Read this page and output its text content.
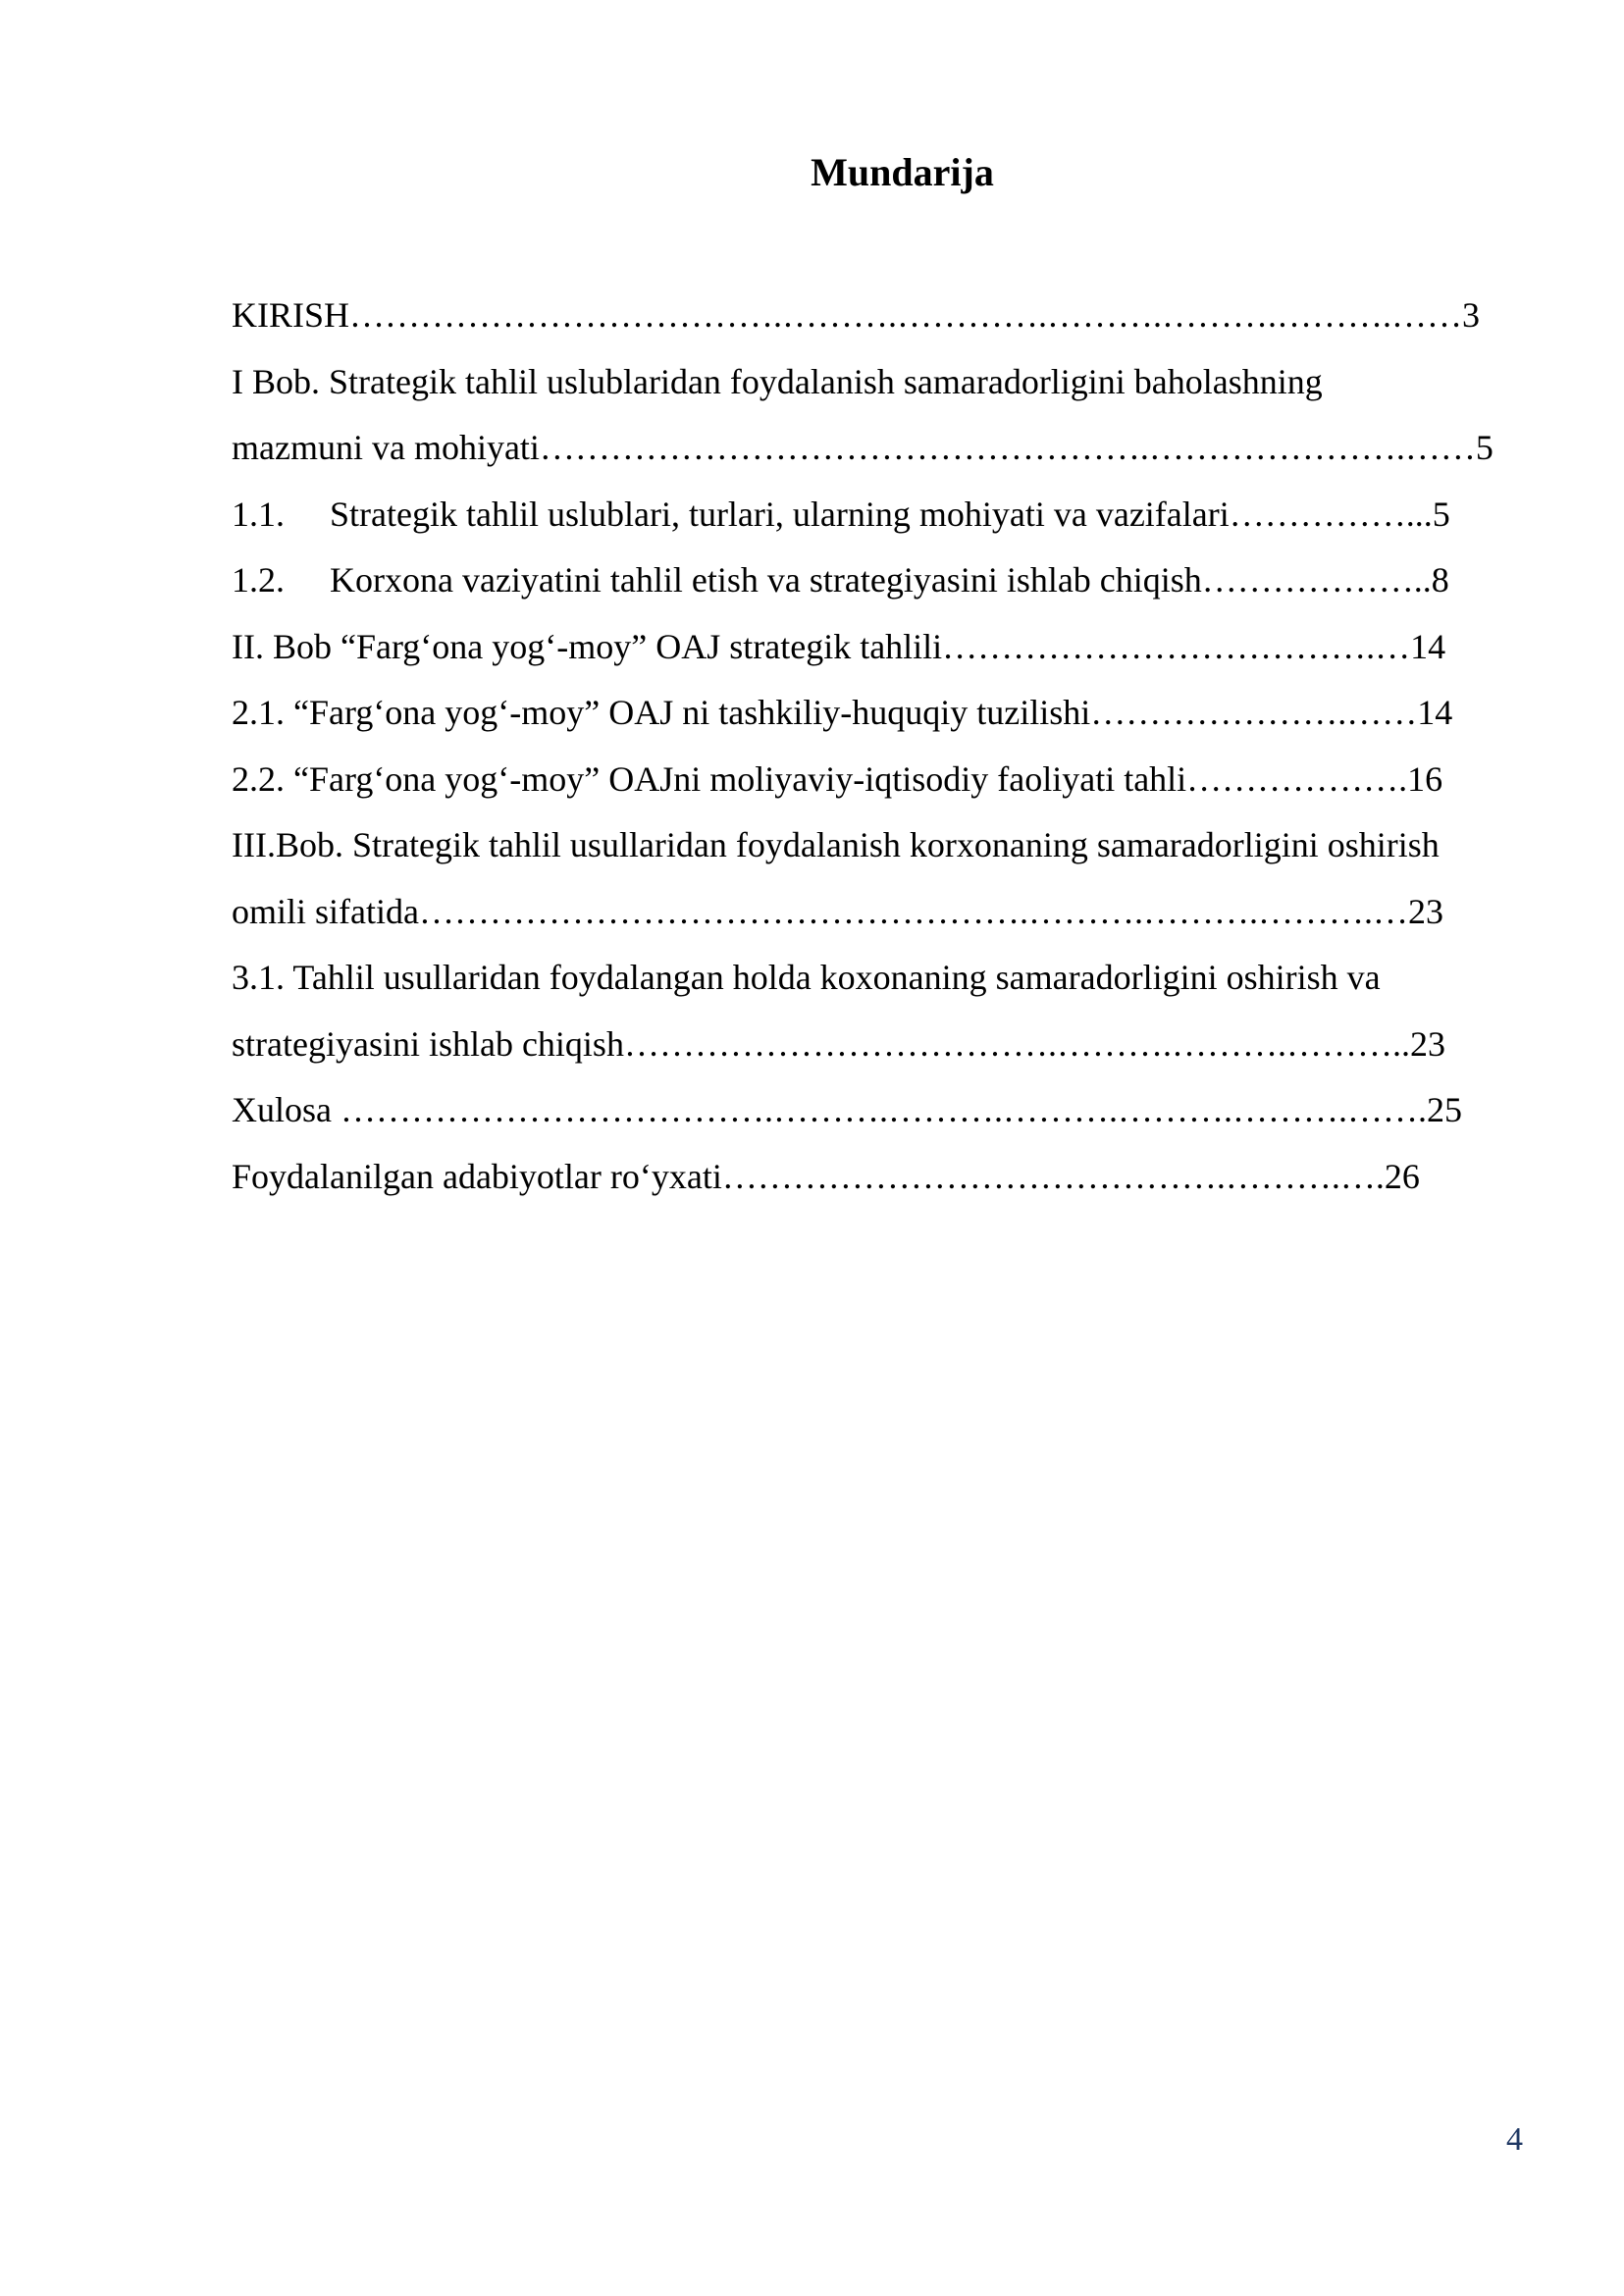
Mundarija
KIRISH……………………………….……….………….……….……….……….……3
I Bob. Strategik tahlil uslublaridan foydalanish samaradorligini baholashning
mazmuni va mohiyati…………………………………………….………………….……5
1.1. Strategik tahlil uslublari, turlari, ularning mohiyati va vazifalari……………...5
1.2. Korxona vaziyatini tahlil etish va strategiyasini ishlab chiqish………………..8
II. Bob “Farg‘ona yog‘-moy” OAJ strategik tahlili……………………………….…14
2.1. “Farg‘ona yog‘-moy” OAJ ni tashkiliy-huquqiy tuzilishi………………….……14
2.2. “Farg‘ona yog‘-moy” OAJni moliyaviy-iqtisodiy faoliyati tahli……………….16
III.Bob. Strategik tahlil usullaridan foydalanish korxonaning samaradorligini oshirish
omili sifatida…………………………………………….……….……….……….…23
3.1. Tahlil usullaridan foydalangan holda koxonaning samaradorligini oshirish va
strategiyasini ishlab chiqish……………………………….……….……….………..23
Xulosa ……………………………….……….……….……….……….……….…….25
Foydalanilgan adabiyotlar ro‘yxati…………………………………….……….….26
4
